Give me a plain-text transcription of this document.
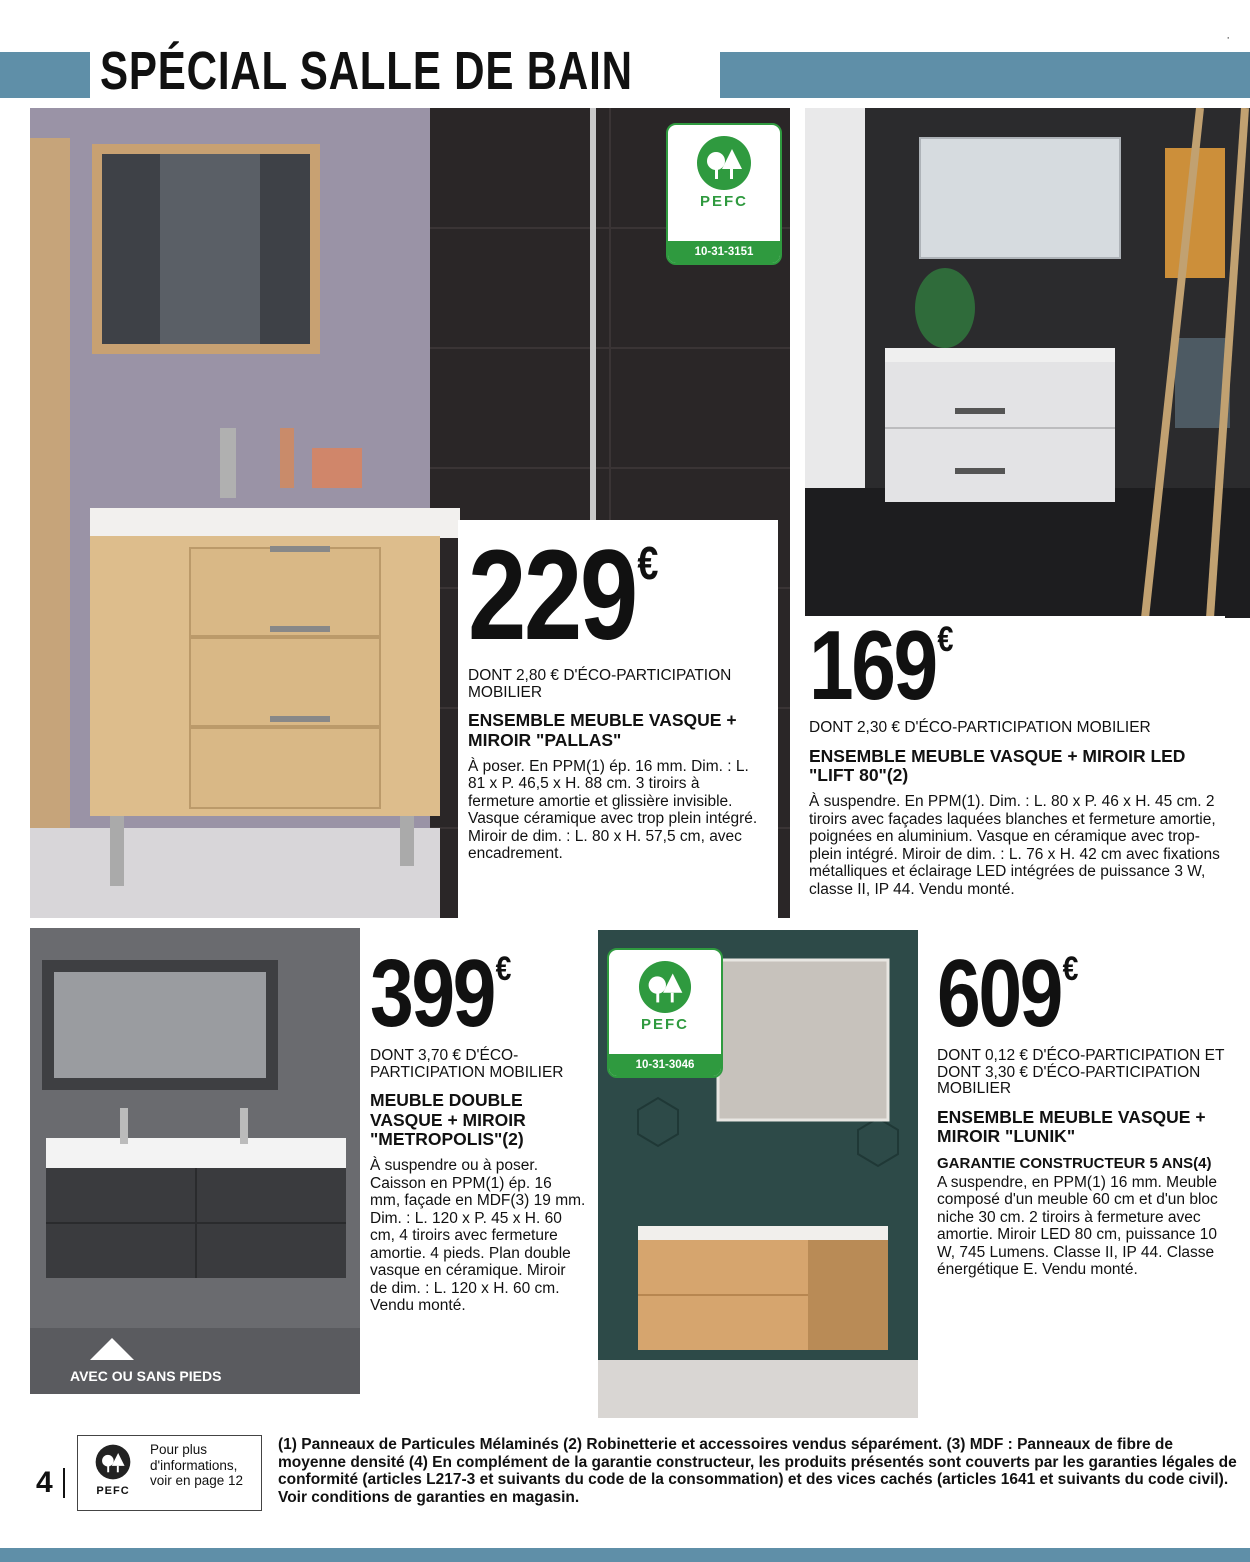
SPÉCIAL SALLE DE BAIN
·
PEFC
10-31-3151
PEFC
10-31-3046
229€
DONT 2,80 € D'ÉCO-PARTICIPATION MOBILIER
ENSEMBLE MEUBLE VASQUE + MIROIR "PALLAS"
À poser. En PPM(1) ép. 16 mm. Dim. : L. 81 x P. 46,5 x H. 88 cm. 3 tiroirs à fermeture amortie et glissière invisible. Vasque céramique avec trop plein intégré. Miroir de dim. : L. 80 x H. 57,5 cm, avec encadrement.
169€
DONT 2,30 € D'ÉCO-PARTICIPATION MOBILIER
ENSEMBLE MEUBLE VASQUE + MIROIR LED "LIFT 80"(2)
À suspendre. En PPM(1). Dim. : L. 80 x P. 46 x H. 45 cm. 2 tiroirs avec façades laquées blanches et fermeture amortie, poignées en aluminium. Vasque en céramique avec trop-plein intégré. Miroir de dim. : L. 76 x H. 42 cm avec fixations métalliques et éclairage LED intégrées de puissance 3 W, classe II, IP 44. Vendu monté.
399€
DONT 3,70 € D'ÉCO-PARTICIPATION MOBILIER
MEUBLE DOUBLE VASQUE + MIROIR "METROPOLIS"(2)
À suspendre ou à poser. Caisson en PPM(1) ép. 16 mm, façade en MDF(3) 19 mm. Dim. : L. 120 x P. 45 x H. 60 cm, 4 tiroirs avec fermeture amortie. 4 pieds. Plan double vasque en céramique. Miroir de dim. : L. 120 x H. 60 cm. Vendu monté.
609€
DONT 0,12 € D'ÉCO-PARTICIPATION ET DONT 3,30 € D'ÉCO-PARTICIPATION MOBILIER
ENSEMBLE MEUBLE VASQUE + MIROIR "LUNIK"
GARANTIE CONSTRUCTEUR 5 ANS(4)
A suspendre, en PPM(1) 16 mm. Meuble composé d'un meuble 60 cm et d'un bloc niche 30 cm. 2 tiroirs à fermeture avec amortie. Miroir LED 80 cm, puissance 10 W, 745 Lumens. Classe II, IP 44. Classe énergétique E. Vendu monté.
AVEC OU SANS PIEDS
4	PEFC
Pour plus d'informations, voir en page 12
(1) Panneaux de Particules Mélaminés (2) Robinetterie et accessoires vendus séparément. (3) MDF : Panneaux de fibre de moyenne densité (4) En complément de la garantie constructeur, les produits présentés sont couverts par les garanties légales de conformité (articles L217-3 et suivants du code de la consommation) et des vices cachés (articles 1641 et suivants du code civil). Voir conditions de garanties en magasin.
